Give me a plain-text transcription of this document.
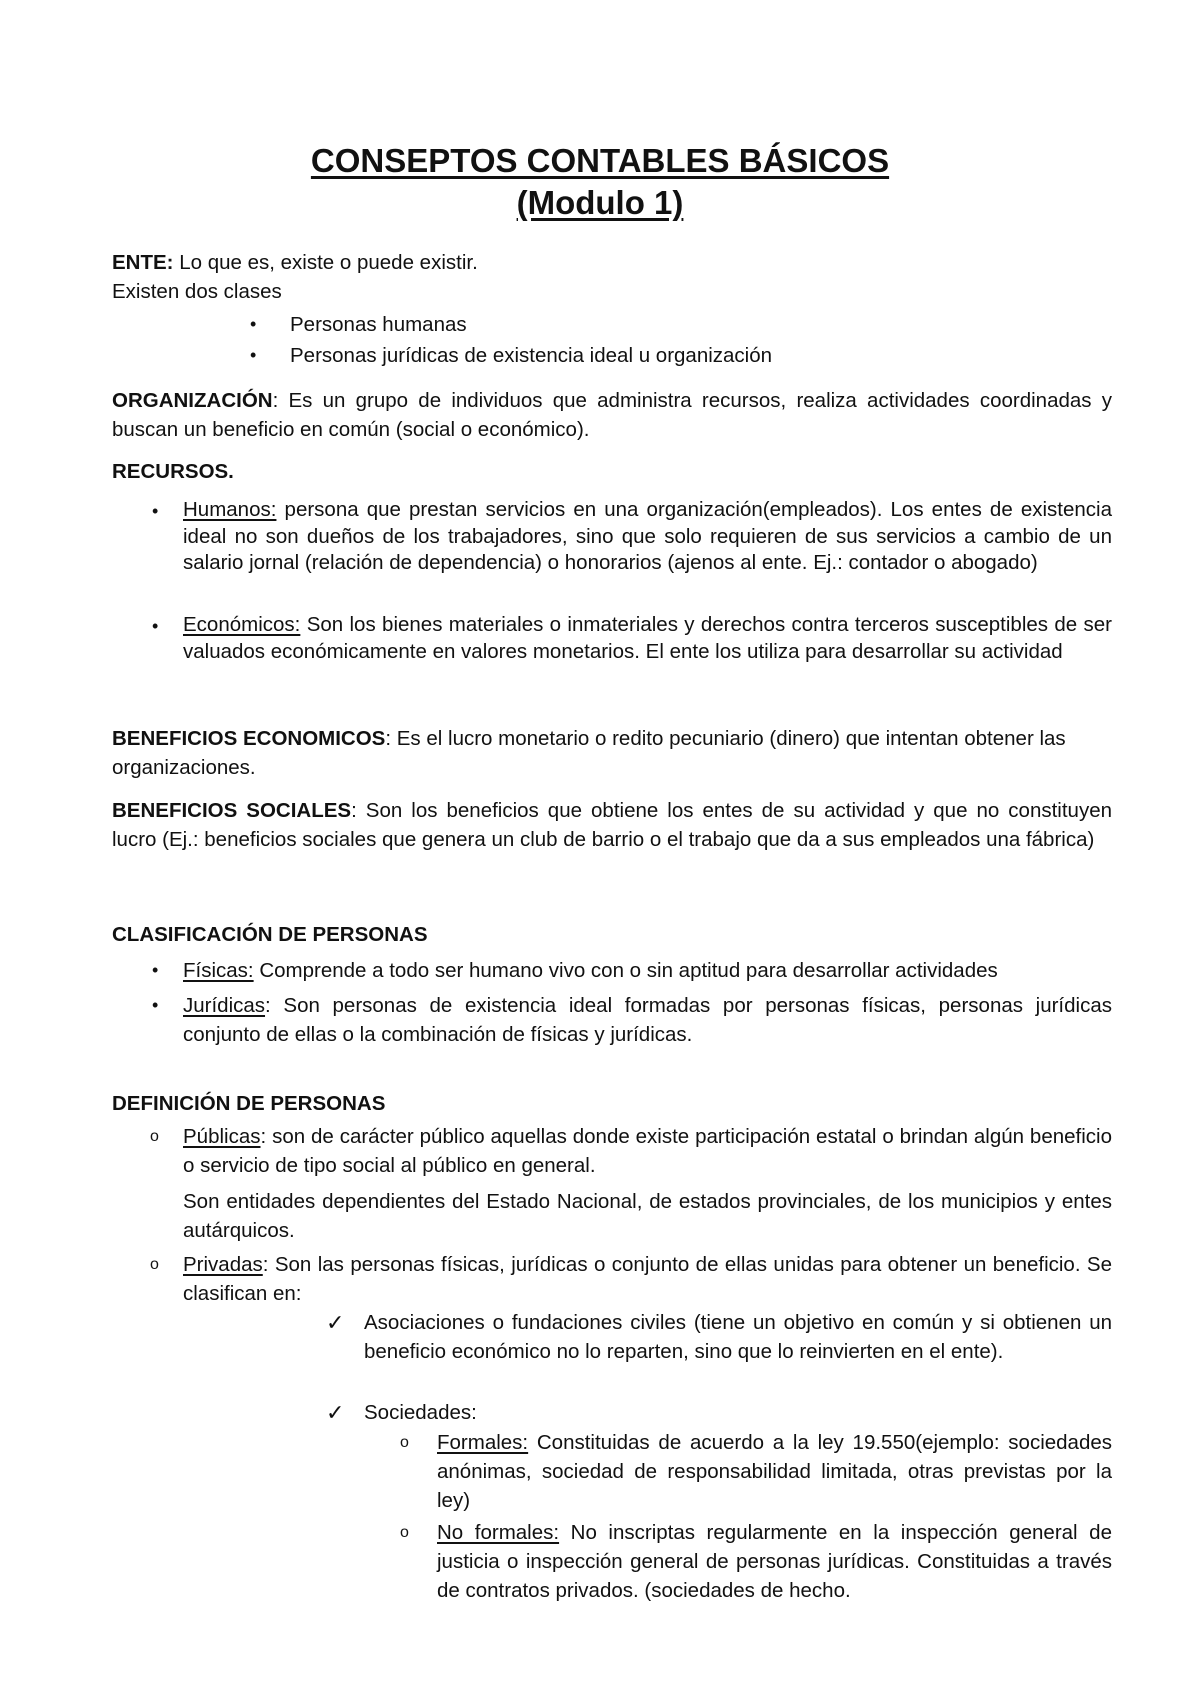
CONSEPTOS CONTABLES BÁSICOS
(Modulo 1)
ENTE: Lo que es, existe o puede existir.
Existen dos clases
• Personas humanas
• Personas jurídicas de existencia ideal u organización
ORGANIZACIÓN: Es un grupo de individuos que administra recursos, realiza actividades coordinadas y buscan un beneficio en común (social o económico).
RECURSOS.
• Humanos: persona que prestan servicios en una organización(empleados). Los entes de existencia ideal no son dueños de los trabajadores, sino que solo requieren de sus servicios a cambio de un salario jornal (relación de dependencia) o honorarios (ajenos al ente. Ej.: contador o abogado)
• Económicos: Son los bienes materiales o inmateriales y derechos contra terceros susceptibles de ser valuados económicamente en valores monetarios. El ente los utiliza para desarrollar su actividad
BENEFICIOS ECONOMICOS: Es el lucro monetario o redito pecuniario (dinero) que intentan obtener las organizaciones.
BENEFICIOS SOCIALES: Son los beneficios que obtiene los entes de su actividad y que no constituyen lucro (Ej.: beneficios sociales que genera un club de barrio o el trabajo que da a sus empleados una fábrica)
CLASIFICACIÓN DE PERSONAS
• Físicas: Comprende a todo ser humano vivo con o sin aptitud para desarrollar actividades
• Jurídicas: Son personas de existencia ideal formadas por personas físicas, personas jurídicas conjunto de ellas o la combinación de físicas y jurídicas.
DEFINICIÓN DE PERSONAS
o Públicas: son de carácter público aquellas donde existe participación estatal o brindan algún beneficio o servicio de tipo social al público en general.
Son entidades dependientes del Estado Nacional, de estados provinciales, de los municipios y entes autárquicos.
o Privadas: Son las personas físicas, jurídicas o conjunto de ellas unidas para obtener un beneficio. Se clasifican en:
✓ Asociaciones o fundaciones civiles (tiene un objetivo en común y si obtienen un beneficio económico no lo reparten, sino que lo reinvierten en el ente).
✓ Sociedades:
o Formales: Constituidas de acuerdo a la ley 19.550(ejemplo: sociedades anónimas, sociedad de responsabilidad limitada, otras previstas por la ley)
o No formales: No inscriptas regularmente en la inspección general de justicia o inspección general de personas jurídicas. Constituidas a través de contratos privados. (sociedades de hecho.
